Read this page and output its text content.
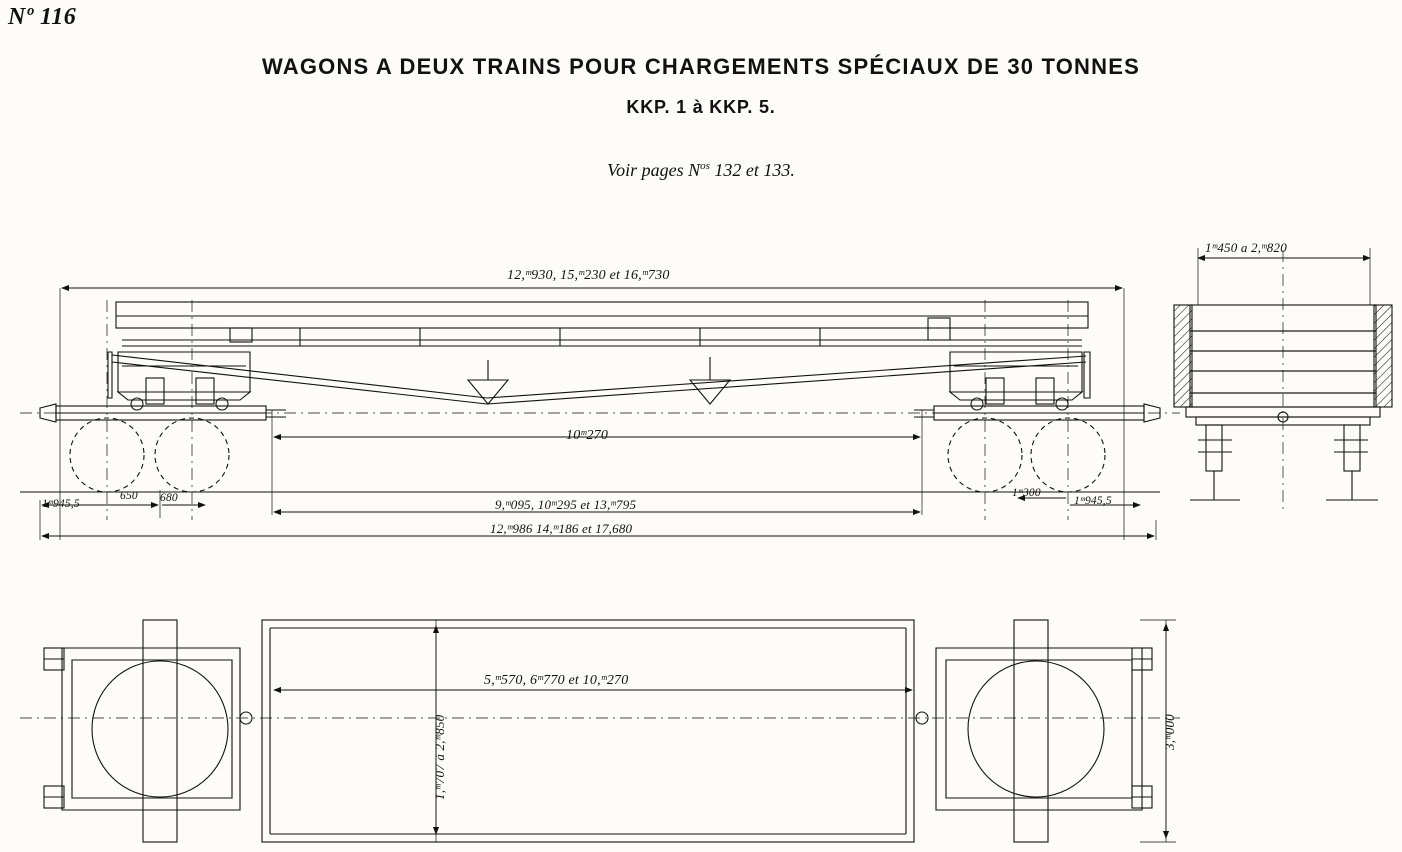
Nº 116
WAGONS A DEUX TRAINS POUR CHARGEMENTS SPÉCIAUX DE 30 TONNES
KKP. 1 à KKP. 5.
Voir pages $N^{os}$ 132 et 133.
12,ᵐ930, 15,ᵐ230 et 16,ᵐ730
10ᵐ270
1ᵐ945,5
650 680	1ᵐ300
1ᵐ945,5
9,ᵐ095, 10ᵐ295 et 13,ᵐ795
12,ᵐ986 14,ᵐ186 et 17,680
1ᵐ450 a 2,ᵐ820
5,ᵐ570, 6ᵐ770 et 10,ᵐ270
1,ᵐ707 à 2,ᵐ850	3,ᵐ000
